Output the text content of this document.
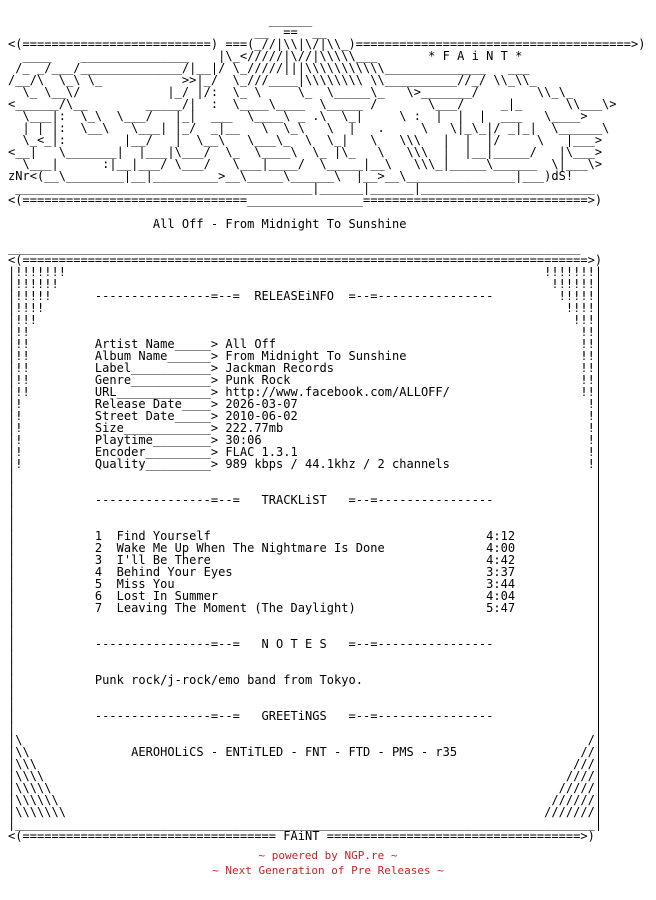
______
__  ==  __
<(==========================) ===(_//|\\|\/|\\_)======================================>)
____    _______________    |\_</////|\//|\\\\\___       * F A i N T *
/_ _/___/______________/|__|/ \_/////|||\\\\\\\\\\\______________   ___
/__/\  \_\ \_           >>|_/  \_///____|\\\\\\\\ \\__________//_/ \\_\\_
\_ \__\/            |_/ |/:  \_ \     \_  \_____\_   \>_______/        \\_\_
<______/\__        _____/|  :  \____\____  \_____ /       \___/     _|_      \\___\>
\___|:  \_\  \___/   |_|  ___  \____\ _ .\  \_|     \ :  |  |  |  ___   \____>
| | |:  \__\   \___| |_/  _|__   \  \_\   \  |   .     \   \|_\_|/ _|_|  \______\
\_<_|:        |__/   |  \__\   \___\_  \  \_|   \   \\\   |  |  |/     \   |___>
<__|   \_______|  |___|\___/  \_  \____\  \_ |\_   \   \\\  |  |__|_____/   |\___>
\___|      :|__|___/ \___/   \___|____/  \_____|__\   \\\_|_____\______  \|___\>
zNr<(__\________|__|_________>__\_____\______\  |__>__\_______________|___)dS!
_________________________________________|______|______|________________________
<(===============================________________===============================>)

All Off - From Midnight To Sunshine

_______________________________________________________________________________
<(==============================================================================>)
|!!!!!!!                                                                  !!!!!!!|
|!!!!!!                                                                    !!!!!!|
|!!!!!      ----------------=--=  RELEASEiNFO  =--=----------------         !!!!!|
|!!!!                                                                        !!!!|
|!!!                                                                          !!!|
|!!                                                                            !!|
|!!         Artist Name_____> All Off                                          !!|
|!!         Album Name______> From Midnight To Sunshine                        !!|
|!!         Label___________> Jackman Records                                  !!|
|!!         Genre___________> Punk Rock                                        !!|
|!!         URL_____________> http://www.facebook.com/ALLOFF/                  !!|
|!          Release Date____> 2026-03-07                                        !|
|!          Street Date_____> 2010-06-02                                        !|
|!          Size____________> 222.77mb                                          !|
|!          Playtime________> 30:06                                             !|
|!          Encoder_________> FLAC 1.3.1                                        !|
|!          Quality_________> 989 kbps / 44.1khz / 2 channels                   !|
|                                                                                |
|                                                                                |
|           ----------------=--=   TRACKLiST   =--=----------------              |
|                                                                                |
|                                                                                |
|           1  Find Yourself                                      4:12           |
|           2  Wake Me Up When The Nightmare Is Done              4:00           |
|           3  I'll Be There                                      4:42           |
|           4  Behind Your Eyes                                   3:37           |
|           5  Miss You                                           3:44           |
|           6  Lost In Summer                                     4:04           |
|           7  Leaving The Moment (The Daylight)                  5:47           |
|                                                                                |
|                                                                                |
|           ----------------=--=   N O T E S   =--=----------------              |
|                                                                                |
|                                                                                |
|           Punk rock/j-rock/emo band from Tokyo.                                |
|                                                                                |
|                                                                                |
|           ----------------=--=   GREETiNGS   =--=----------------              |
|                                                                                |
|\                                                                              /|
|\\              AEROHOLiCS - ENTiTLED - FNT - FTD - PMS - r35                 //|
|\\\                                                                          ///|
|\\\\                                                                        ////|
|\\\\\                                                                      /////|
|\\\\\\                                                                    //////|
|\\\\\\\                                                                  ///////|
|________________________________________________________________________________|
<(=================================== FAiNT ===================================>)
~ powered by NGP.re ~
~ Next Generation of Pre Releases ~
